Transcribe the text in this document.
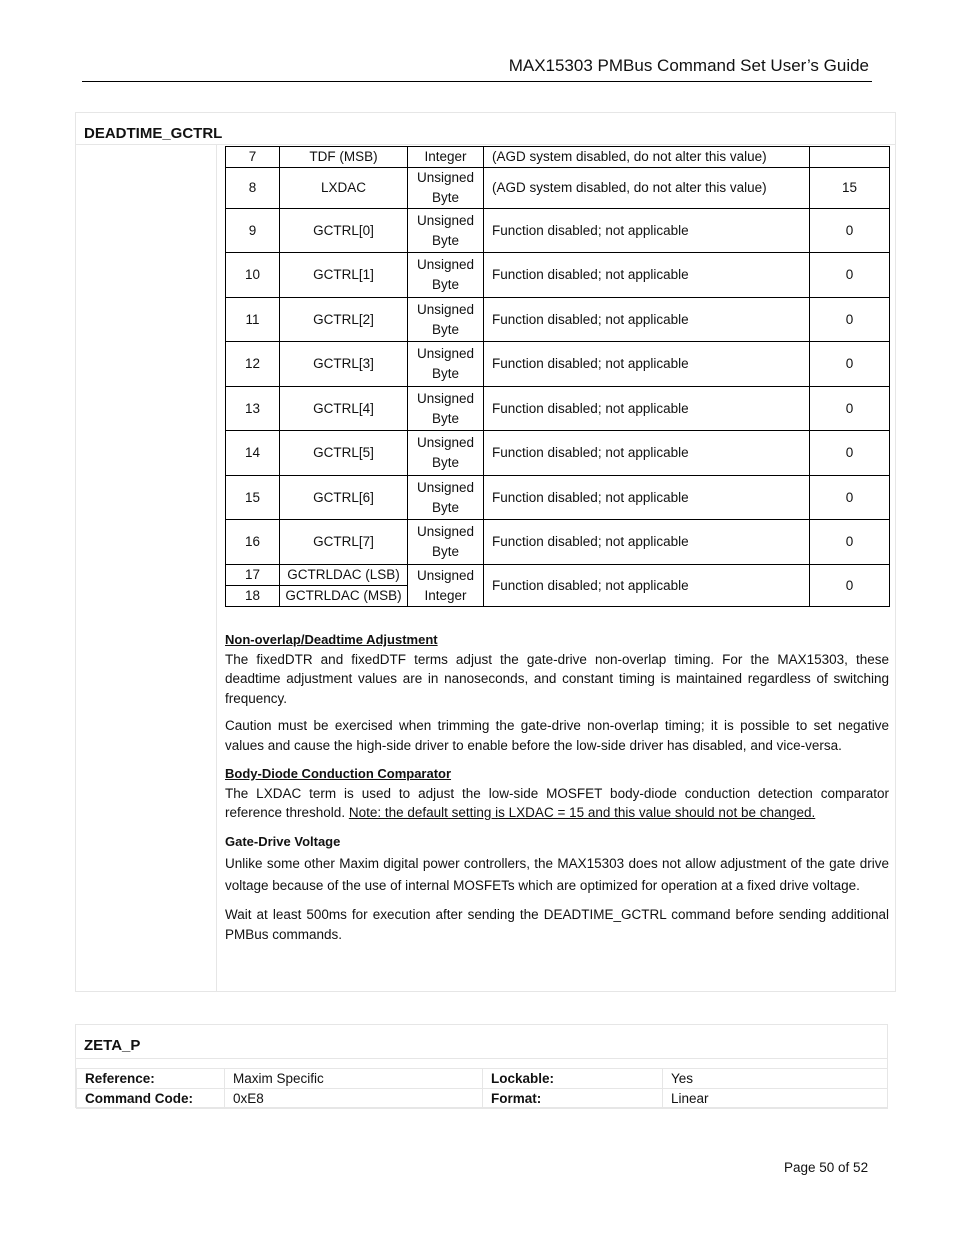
MAX15303 PMBus Command Set User’s Guide
DEADTIME_GCTRL
7	TDF (MSB)	Integer	(AGD system disabled, do not alter this value)	
8	LXDAC	Unsigned Byte	(AGD system disabled, do not alter this value)	15
9	GCTRL[0]	Unsigned Byte	Function disabled; not applicable	0
10	GCTRL[1]	Unsigned Byte	Function disabled; not applicable	0
11	GCTRL[2]	Unsigned Byte	Function disabled; not applicable	0
12	GCTRL[3]	Unsigned Byte	Function disabled; not applicable	0
13	GCTRL[4]	Unsigned Byte	Function disabled; not applicable	0
14	GCTRL[5]	Unsigned Byte	Function disabled; not applicable	0
15	GCTRL[6]	Unsigned Byte	Function disabled; not applicable	0
16	GCTRL[7]	Unsigned Byte	Function disabled; not applicable	0
17	GCTRLDAC (LSB)	Unsigned Integer	Function disabled; not applicable	0
18	GCTRLDAC (MSB)			
Non-overlap/Deadtime Adjustment

The fixedDTR and fixedDTF terms adjust the gate-drive non-overlap timing. For the MAX15303, these deadtime adjustment values are in nanoseconds, and constant timing is maintained regardless of switching frequency.

Caution must be exercised when trimming the gate-drive non-overlap timing; it is possible to set negative values and cause the high-side driver to enable before the low-side driver has disabled, and vice-versa.

Body-Diode Conduction Comparator

The LXDAC term is used to adjust the low-side MOSFET body-diode conduction detection comparator reference threshold. Note: the default setting is LXDAC = 15 and this value should not be changed.

Gate-Drive Voltage

Unlike some other Maxim digital power controllers, the MAX15303 does not allow adjustment of the gate drive voltage because of the use of internal MOSFETs which are optimized for operation at a fixed drive voltage.

Wait at least 500ms for execution after sending the DEADTIME_GCTRL command before sending additional PMBus commands.

ZETA_P
Reference:	Maxim Specific	Lockable:	Yes
Command Code:	0xE8	Format:	Linear
Page 50 of 52
